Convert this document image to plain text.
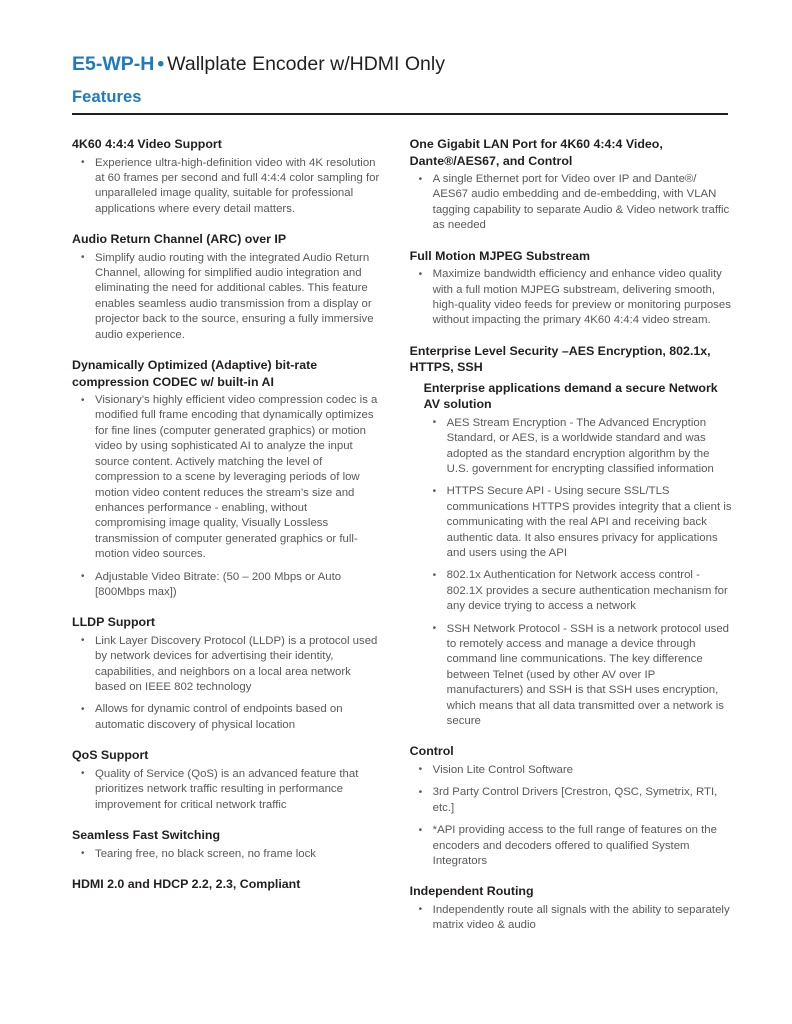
E5-WP-H • Wallplate Encoder w/HDMI Only
Features
4K60 4:4:4 Video Support
• Experience ultra-high-definition video with 4K resolution at 60 frames per second and full 4:4:4 color sampling for unparalleled image quality, suitable for professional applications where every detail matters.
Audio Return Channel (ARC) over IP
• Simplify audio routing with the integrated Audio Return Channel, allowing for simplified audio integration and eliminating the need for additional cables. This feature enables seamless audio transmission from a display or projector back to the source, ensuring a fully immersive audio experience.
Dynamically Optimized (Adaptive) bit-rate compression CODEC w/ built-in AI
• Visionary’s highly efficient video compression codec is a modified full frame encoding that dynamically optimizes for fine lines (computer generated graphics) or motion video by using sophisticated AI to analyze the input source content. Actively matching the level of compression to a scene by leveraging periods of low motion video content reduces the stream’s size and enhances performance - enabling, without compromising image quality, Visually Lossless transmission of computer generated graphics or full-motion video sources.
• Adjustable Video Bitrate: (50 – 200 Mbps or Auto [800Mbps max])
LLDP Support
• Link Layer Discovery Protocol (LLDP) is a protocol used by network devices for advertising their identity, capabilities, and neighbors on a local area network based on IEEE 802 technology
• Allows for dynamic control of endpoints based on automatic discovery of physical location
QoS Support
• Quality of Service (QoS) is an advanced feature that prioritizes network traffic resulting in performance improvement for critical network traffic
Seamless Fast Switching
• Tearing free, no black screen, no frame lock
HDMI 2.0 and HDCP 2.2, 2.3, Compliant
One Gigabit LAN Port for 4K60 4:4:4 Video, Dante®/AES67, and Control
• A single Ethernet port for Video over IP and Dante®/ AES67 audio embedding and de-embedding, with VLAN tagging capability to separate Audio & Video network traffic as needed
Full Motion MJPEG Substream
• Maximize bandwidth efficiency and enhance video quality with a full motion MJPEG substream, delivering smooth, high-quality video feeds for preview or monitoring purposes without impacting the primary 4K60 4:4:4 video stream.
Enterprise Level Security –AES Encryption, 802.1x, HTTPS, SSH
Enterprise applications demand a secure Network AV solution
• AES Stream Encryption - The Advanced Encryption Standard, or AES, is a worldwide standard and was adopted as the standard encryption algorithm by the U.S. government for encrypting classified information
• HTTPS Secure API - Using secure SSL/TLS communications HTTPS provides integrity that a client is communicating with the real API and receiving back authentic data. It also ensures privacy for applications and users using the API
• 802.1x Authentication for Network access control - 802.1X provides a secure authentication mechanism for any device trying to access a network
• SSH Network Protocol - SSH is a network protocol used to remotely access and manage a device through command line communications. The key difference between Telnet (used by other AV over IP manufacturers) and SSH is that SSH uses encryption, which means that all data transmitted over a network is secure
Control
• Vision Lite Control Software
• 3rd Party Control Drivers [Crestron, QSC, Symetrix, RTI, etc.]
• *API providing access to the full range of features on the encoders and decoders offered to qualified System Integrators
Independent Routing
• Independently route all signals with the ability to separately matrix video & audio
